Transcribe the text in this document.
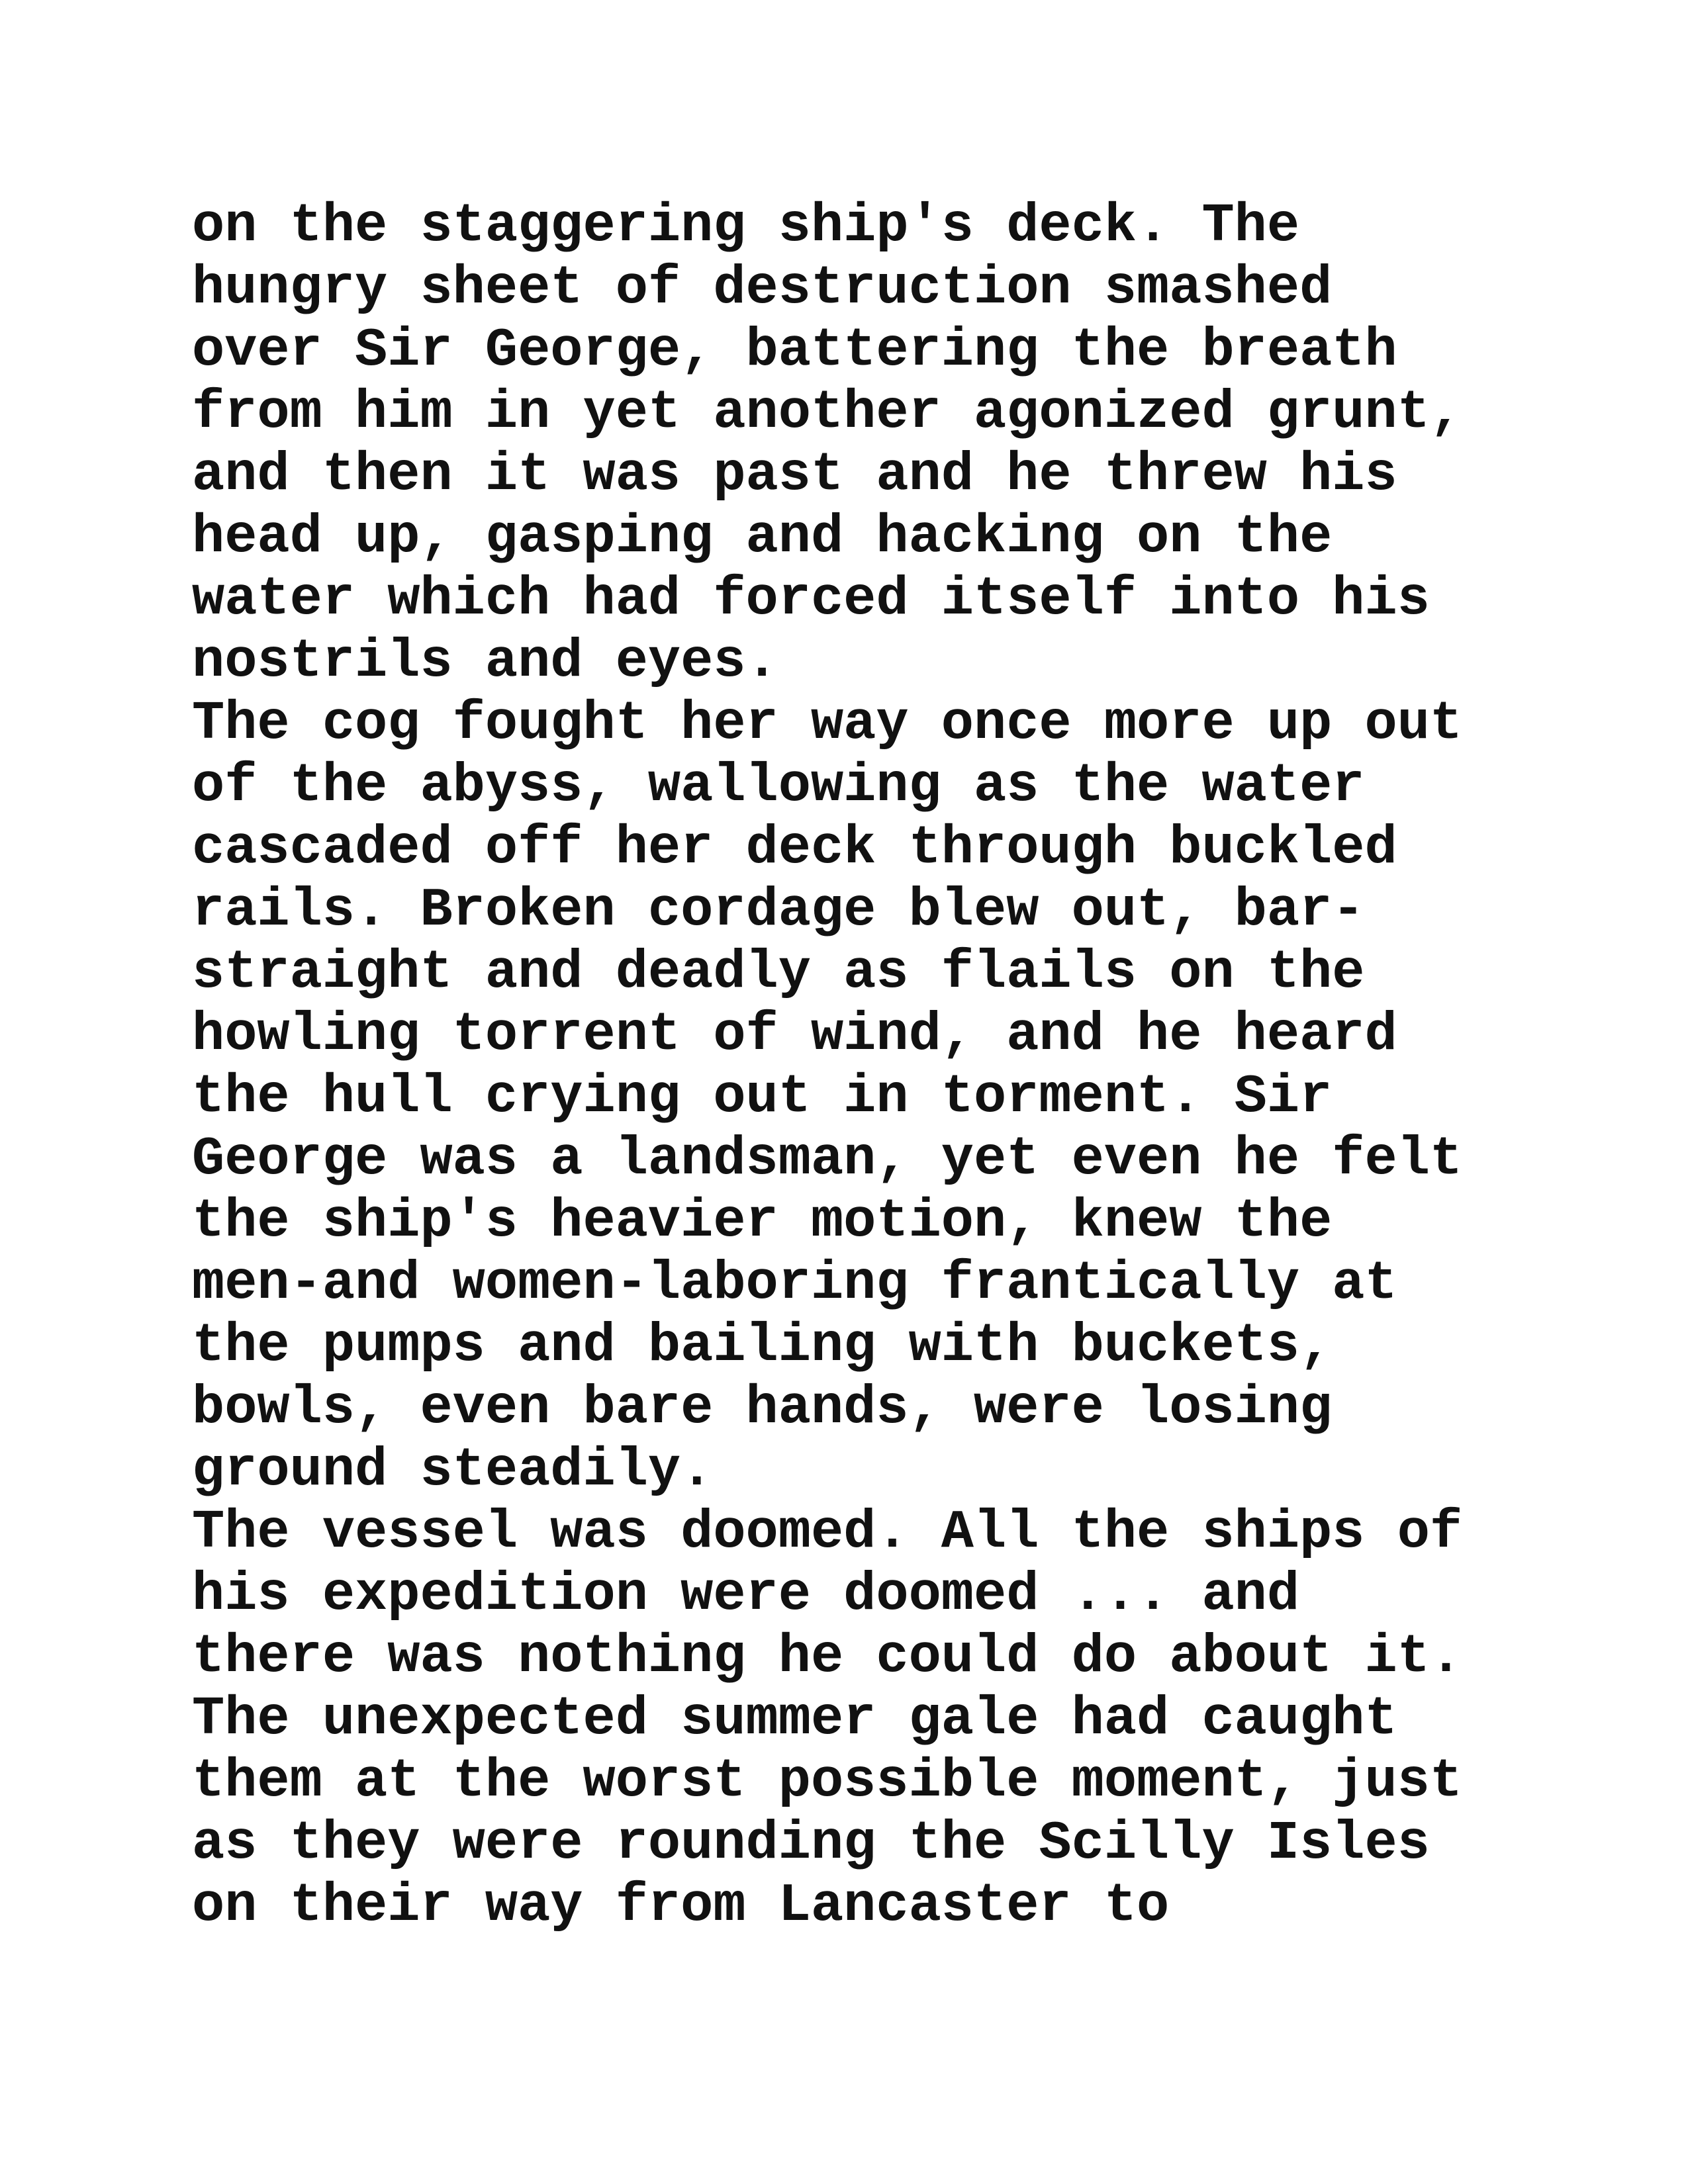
on the staggering ship's deck. The
hungry sheet of destruction smashed
over Sir George, battering the breath
from him in yet another agonized grunt,
and then it was past and he threw his
head up, gasping and hacking on the
water which had forced itself into his
nostrils and eyes.
The cog fought her way once more up out
of the abyss, wallowing as the water
cascaded off her deck through buckled
rails. Broken cordage blew out, bar-
straight and deadly as flails on the
howling torrent of wind, and he heard
the hull crying out in torment. Sir
George was a landsman, yet even he felt
the ship's heavier motion, knew the
men-and women-laboring frantically at
the pumps and bailing with buckets,
bowls, even bare hands, were losing
ground steadily.
The vessel was doomed. All the ships of
his expedition were doomed ... and
there was nothing he could do about it.
The unexpected summer gale had caught
them at the worst possible moment, just
as they were rounding the Scilly Isles
on their way from Lancaster to
